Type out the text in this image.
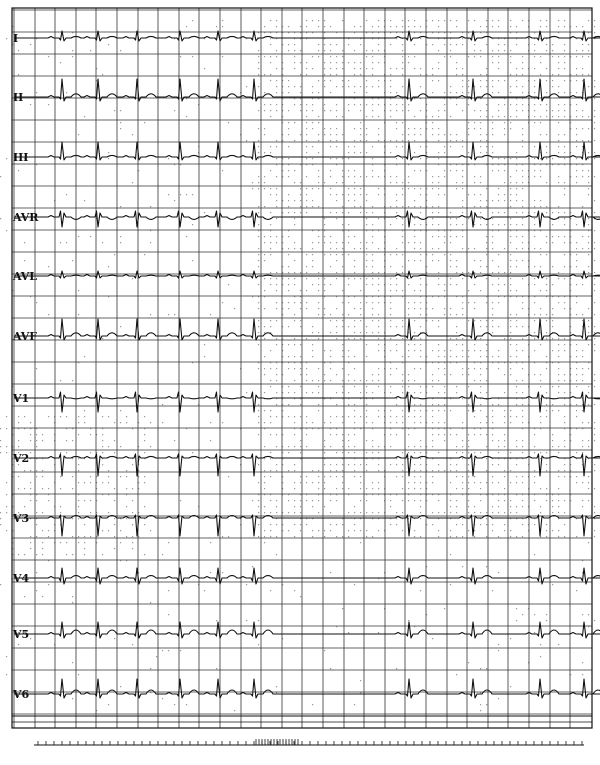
I
II
III
AVR
AVL
AVF
V1
V2
V3
V4
V5
V6
